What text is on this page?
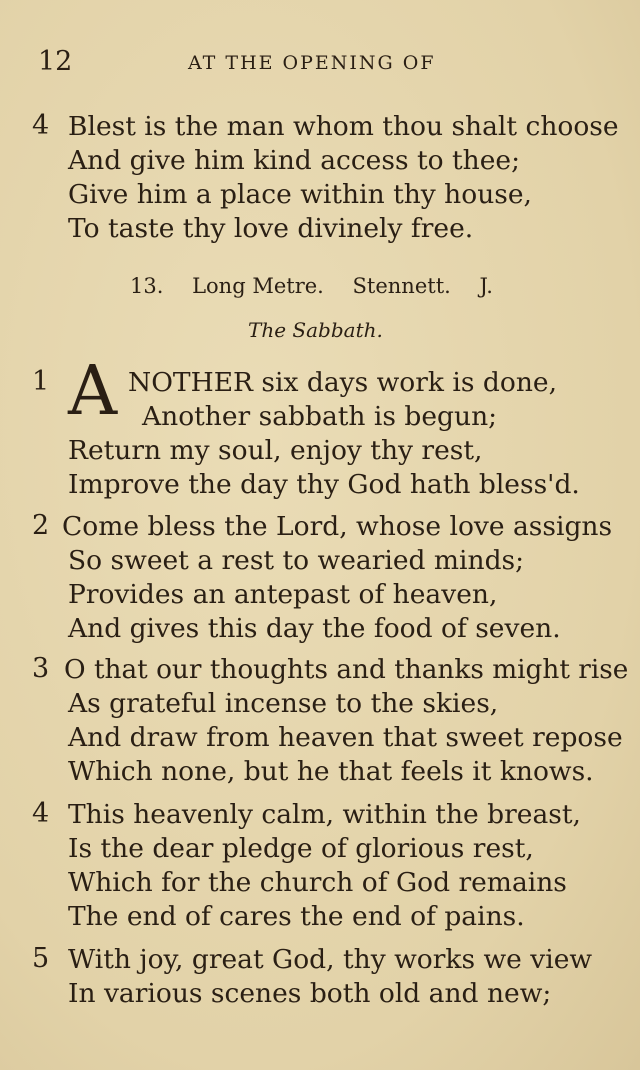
12	AT THE OPENING OF
4 Blest is the man whom thou shalt choose
And give him kind access to thee;
Give him a place within thy house,
To taste thy love divinely free.
13. Long Metre. Stennett. J.
The Sabbath.
A
1	NOTHER six days work is done,
Another sabbath is begun;
Return my soul, enjoy thy rest,
Improve the day thy God hath bless'd.
2 Come bless the Lord, whose love assigns
So sweet a rest to wearied minds;
Provides an antepast of heaven,
And gives this day the food of seven.
3 O that our thoughts and thanks might rise
As grateful incense to the skies,
And draw from heaven that sweet repose
Which none, but he that feels it knows.
4 This heavenly calm, within the breast,
Is the dear pledge of glorious rest,
Which for the church of God remains
The end of cares the end of pains.
5 With joy, great God, thy works we view
In various scenes both old and new;
